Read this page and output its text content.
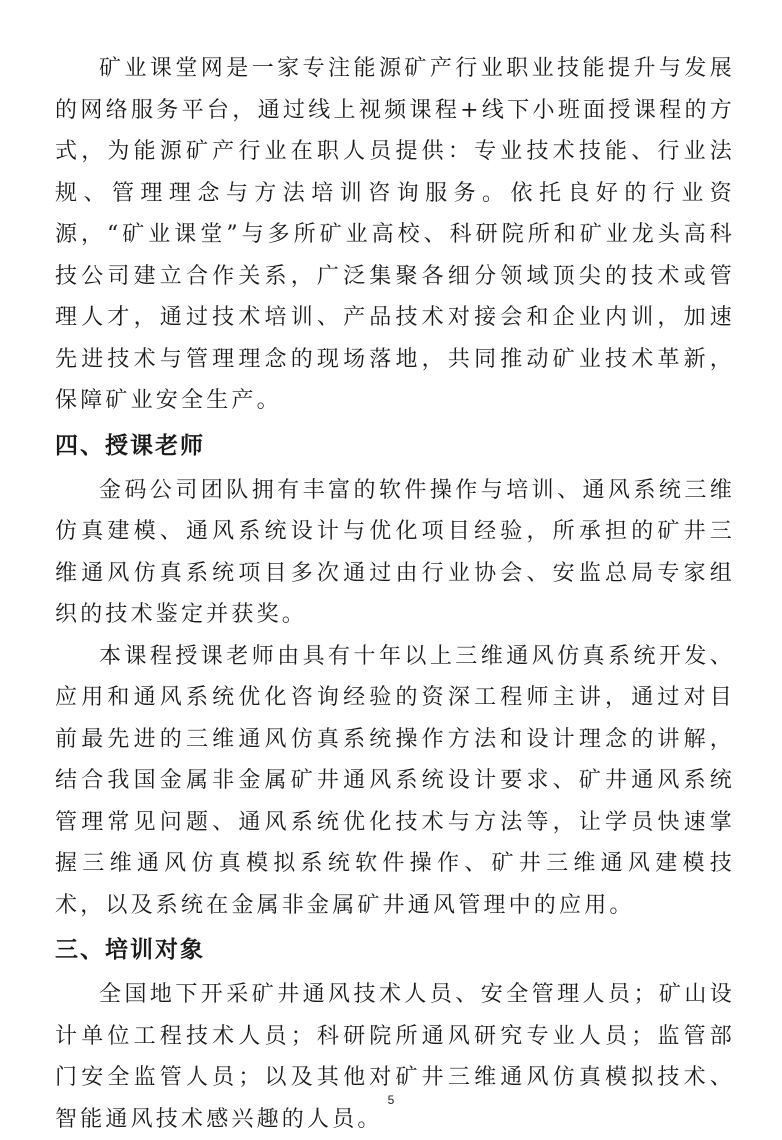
矿业课堂网是一家专注能源矿产行业职业技能提升与发展的网络服务平台，通过线上视频课程+线下小班面授课程的方式，为能源矿产行业在职人员提供：专业技术技能、行业法规、管理理念与方法培训咨询服务。依托良好的行业资源，“矿业课堂”与多所矿业高校、科研院所和矿业龙头高科技公司建立合作关系，广泛集聚各细分领域顶尖的技术或管理人才，通过技术培训、产品技术对接会和企业内训，加速先进技术与管理理念的现场落地，共同推动矿业技术革新，保障矿业安全生产。

四、授课老师

金码公司团队拥有丰富的软件操作与培训、通风系统三维仿真建模、通风系统设计与优化项目经验，所承担的矿井三维通风仿真系统项目多次通过由行业协会、安监总局专家组织的技术鉴定并获奖。

本课程授课老师由具有十年以上三维通风仿真系统开发、应用和通风系统优化咨询经验的资深工程师主讲，通过对目前最先进的三维通风仿真系统操作方法和设计理念的讲解，结合我国金属非金属矿井通风系统设计要求、矿井通风系统管理常见问题、通风系统优化技术与方法等，让学员快速掌握三维通风仿真模拟系统软件操作、矿井三维通风建模技术，以及系统在金属非金属矿井通风管理中的应用。

三、培训对象

全国地下开采矿井通风技术人员、安全管理人员；矿山设计单位工程技术人员；科研院所通风研究专业人员；监管部门安全监管人员；以及其他对矿井三维通风仿真模拟技术、智能通风技术感兴趣的人员。

5
